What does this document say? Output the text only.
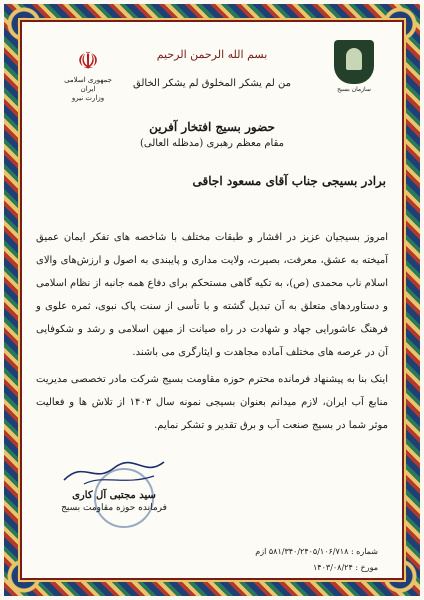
بسم الله الرحمن الرحیم
من لم یشکر المخلوق لم یشکر الخالق
☫
جمهوری اسلامی ایران
وزارت نیرو
سازمان بسیج
حضور بسیج افتخار آفرین
مقام معظم رهبری (مدظله العالی)
برادر بسیجی جناب آقای مسعود اجاقی

امروز بسیجیان عزیز در اقشار و طبقات مختلف با شاخصه های تفکر ایمان عمیق آمیخته به عشق، معرفت، بصیرت، ولایت مداری و پایبندی به اصول و ارزش‌های والای اسلام ناب محمدی (ص)، به تکیه گاهی مستحکم برای دفاع همه جانبه از نظام اسلامی و دستاوردهای متعلق به آن تبدیل گشته و با تأسی از سنت پاک نبوی، ثمره علوی و فرهنگ عاشورایی جهاد و شهادت در راه صیانت از میهن اسلامی و رشد و شکوفایی آن در عرصه های مختلف آماده مجاهدت و ایثارگری می باشند.

اینک بنا به پیشنهاد فرمانده محترم حوزه مقاومت بسیج شرکت مادر تخصصی مدیریت منابع آب ایران، لازم میدانم بعنوان بسیجی نمونه سال ۱۴۰۳ از تلاش ها و فعالیت موثر شما در بسیج صنعت آب و برق تقدیر و تشکر نمایم.

سید مجتبی آل کاری
فرمانده حوزه مقاومت بسیج
شماره : ۵۸۱/۳۴۰/۲۴۰۵/۱۰۶/۷۱۸ ازم
مورخ : ۱۴۰۳/۰۸/۲۴
